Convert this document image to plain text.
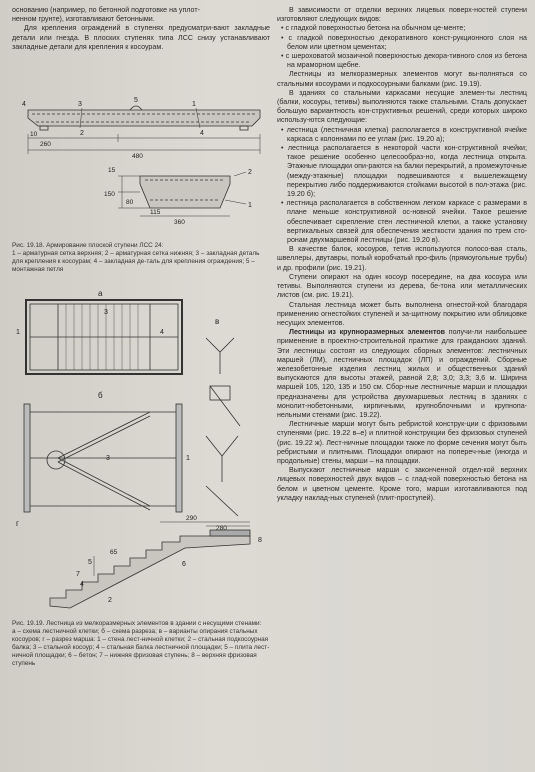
основанию (например, по бетонной подготовке на уплот-

ненном грунте), изготавливают бетонными.

Для крепления ограждений в ступенях предусматри-вают закладные детали или гнезда. В плоских ступенях типа ЛСС снизу устанавливают закладные детали для крепления к косоурам.

4	3
5
1
2
10
260
480
4
15
150
80
115
360
2
1

Рис. 19.18. Армирование плоской ступени ЛСС 24:

1 – арматурная сетка верхняя; 2 – арматурная сетка нижняя; 3 – закладная деталь для крепления к косоурам; 4 – закладная де-таль для крепления ограждения; 5 – монтажная петля

а
3
4
1
б
3	1
в
г
290
280
8
6
5
65
7
4
2

Рис. 19.19. Лестница из мелкоразмерных элементов в здании с несущими стенами:

а – схема лестничной клетки; б – схема разреза; в – варианты опирания стальных косоуров; г – разрез марша: 1 – стена лест-ничной клетки; 2 – стальная подкосоурная балка; 3 – стальной косоур; 4 – стальная балка лестничной площадки; 5 – плита лест-ничной площадки; 6 – бетон; 7 – нижняя фризовая ступень; 8 – верхняя фризовая ступень

В зависимости от отделки верхних лицевых поверх-ностей ступени изготовляют следующих видов:

• с гладкой поверхностью бетона на обычном це-менте;

• с гладкой поверхностью декоративного конст-рукционного слоя на белом или цветном цементах;

• с шероховатой мозаичной поверхностью декора-тивного слоя из бетона на мраморном щебне.

Лестницы из мелкоразмерных элементов могут вы-полняться со стальными косоурами и подкосоурными балками (рис. 19.19).

В зданиях со стальными каркасами несущие элемен-ты лестниц (балки, косоуры, тетивы) выполняются также стальными. Сталь допускает большую вариантность кон-структивных решений, среди которых широко использу-ются следующие:

• лестница (лестничная клетка) располагается в конструктивной ячейке каркаса с колоннами по ее углам (рис. 19.20 а);

• лестница располагается в некоторой части кон-структивной ячейки; такое решение особенно целесообраз-но, когда лестница открыта. Этажные площадки опи-раются на балки перекрытий, а промежуточные (между-этажные) площадки подвешиваются к вышележащему перекрытию либо поддерживаются стойками высотой в пол-этажа (рис. 19.20 б);

• лестница располагается в собственном легком каркасе с размерами в плане меньше конструктивной ос-новной ячейки. Такое решение обеспечивает скрепление стен лестничной клетки, а также установку вертикальных связей для обеспечения жесткости здания по трем сто-ронам двухмаршевой лестницы (рис. 19.20 в).

В качестве балок, косоуров, тетив используются полосо-вая сталь, швеллеры, двутавры, полый коробчатый про-филь (прямоугольные трубы) и др. профили (рис. 19.21).

Ступени опирают на один косоур посередине, на два косоура или тетивы. Выполняются ступени из дерева, бе-тона или металлических листов (см. рис. 19.21).

Стальная лестница может быть выполнена огнестой-кой благодаря применению огнестойких ступеней и за-щитному покрытию или облицовке несущих элементов.

Лестницы из крупноразмерных элементов получи-ли наибольшее применение в проектно-строительной практике для гражданских зданий. Эти лестницы состоят из следующих сборных элементов: лестничных маршей (ЛМ), лестничных площадок (ЛП) и ограждений. Сборные железобетонные изделия лестниц жилых и общественных зданий выпускаются для высоты этажей, равной 2,8; 3,0; 3,3; 3,6 м. Ширина маршей 105, 120, 135 и 150 см. Сбор-ные лестничные марши и площадки предназначены для устройства двухмаршевых лестниц в зданиях с монолит-нобетонными, кирпичными, крупноблочными и крупнопа-нельными стенами (рис. 19.22).

Лестничные марши могут быть ребристой конструк-ции с фризовыми ступенями (рис. 19.22 в–е) и плитной конструкции без фризовых ступеней (рис. 19.22 ж). Лест-ничные площадки также по форме сечения могут быть ребристыми и плитными. Площадки опирают на попереч-ные (иногда и продольные) стены, марши – на площадки.

Выпускают лестничные марши с законченной отдел-кой верхних лицевых поверхностей двух видов – с глад-кой поверхностью бетона на белом и цветном цементе. Кроме того, марши изготавливаются под укладку наклад-ных ступеней (плит-проступей).
